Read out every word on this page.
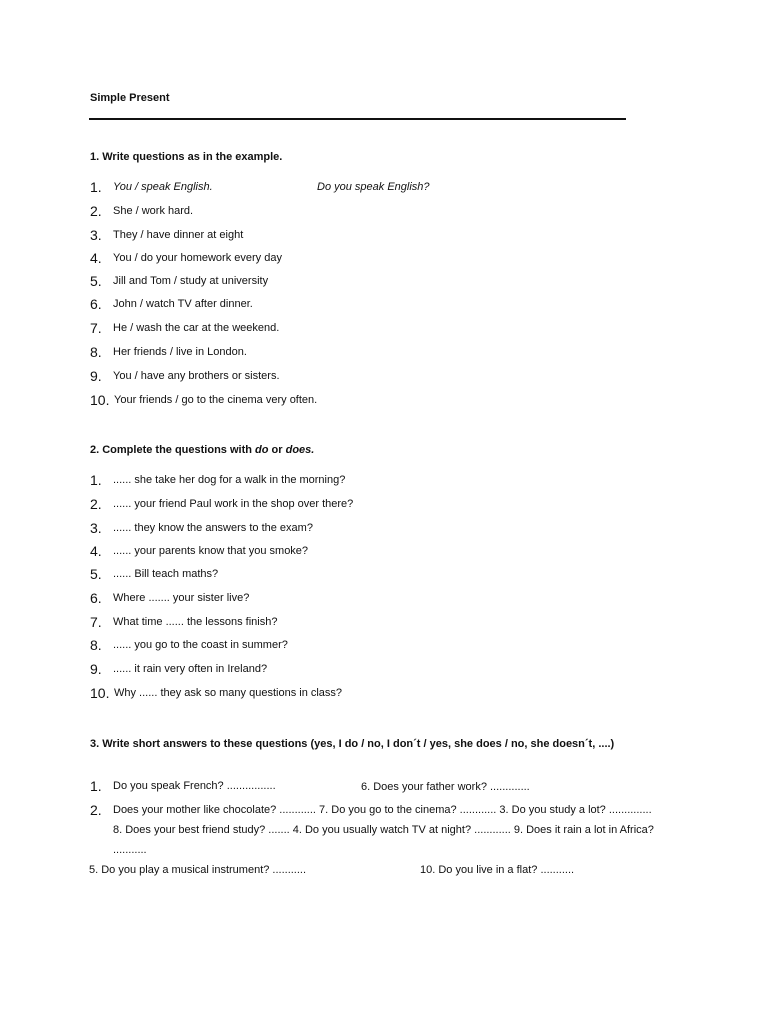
Simple Present
1. Write questions as in the example.
1.	You / speak English.	Do you speak English?
2.	She / work hard.
3.	They / have dinner at eight
4.	You / do your homework every day
5.	Jill and Tom / study at university
6.	John / watch TV after dinner.
7.	He / wash the car at the weekend.
8.	Her friends / live in London.
9.	You / have any brothers or sisters.
10. Your friends / go to the cinema very often.
2. Complete the questions with do or does.
1.	...... she take her dog for a walk in the morning?
2.	...... your friend Paul work in the shop over there?
3.	...... they know the answers to the exam?
4.	...... your parents know that you smoke?
5.	...... Bill teach maths?
6.	Where ....... your sister live?
7.	What time ...... the lessons finish?
8.	...... you go to the coast in summer?
9.	...... it rain very often in Ireland?
10. Why ...... they ask so many questions in class?
3. Write short answers to these questions (yes, I do / no, I don´t / yes, she does / no, she doesn´t, ....)
1.	Do you speak French? ................	6. Does your father work? .............
2.	Does your mother like chocolate? ............ 7. Do you go to the cinema? ............ 3. Do you study a lot? ..............
8. Does your best friend study? ....... 4. Do you usually watch TV at night? ............ 9. Does it rain a lot in Africa?
...........
5. Do you play a musical instrument? ...........	10. Do you live in a flat? ...........
